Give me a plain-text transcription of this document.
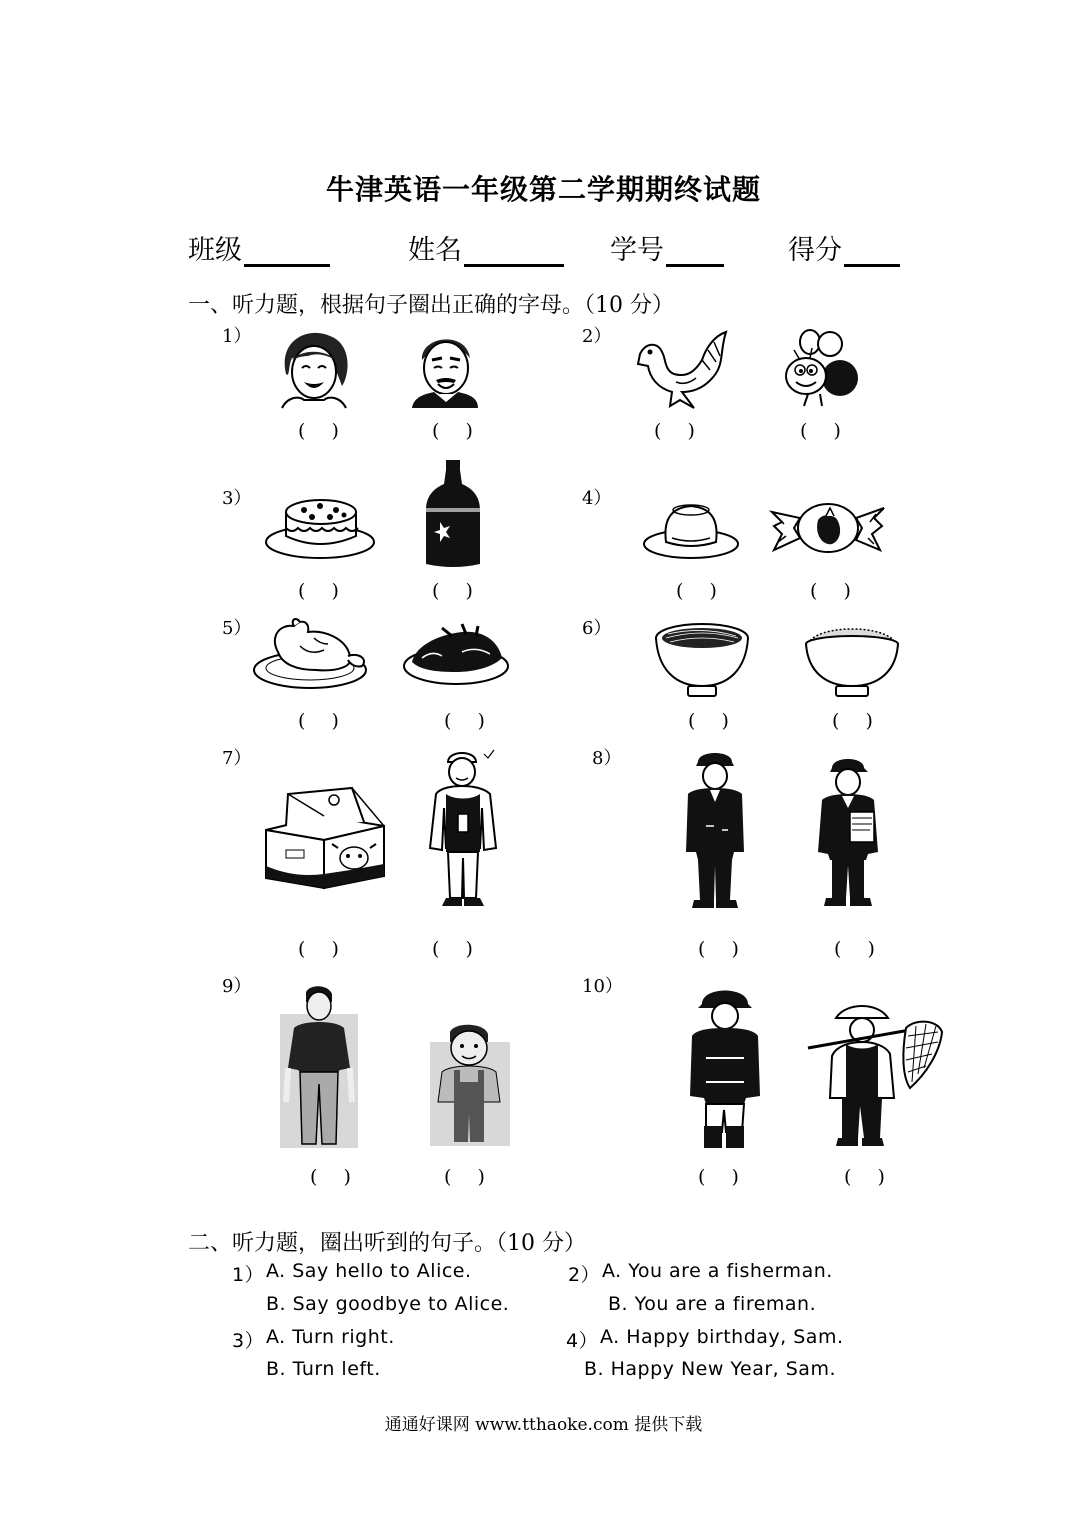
牛津英语一年级第二学期期终试题
班级	姓名	学号	得分
一、听力题，根据句子圈出正确的字母。（10 分）
1）	2）
3）	4）
5）	6）
7）	8）
9）	10）
( )	( )	( )	( )
( )	( )	( )	( )
( )	( )	( )	( )
( )	( )	( )	( )
( )	( )	( )	( )
二、听力题，圈出听到的句子。（10 分）
1） A. Say hello to Alice.
B. Say goodbye to Alice.
2） A. You are a fisherman.
B. You are a fireman.
3） A. Turn right.
B. Turn left.
4） A. Happy birthday, Sam.
B. Happy New Year, Sam.
通通好课网 www.tthaoke.com 提供下载
